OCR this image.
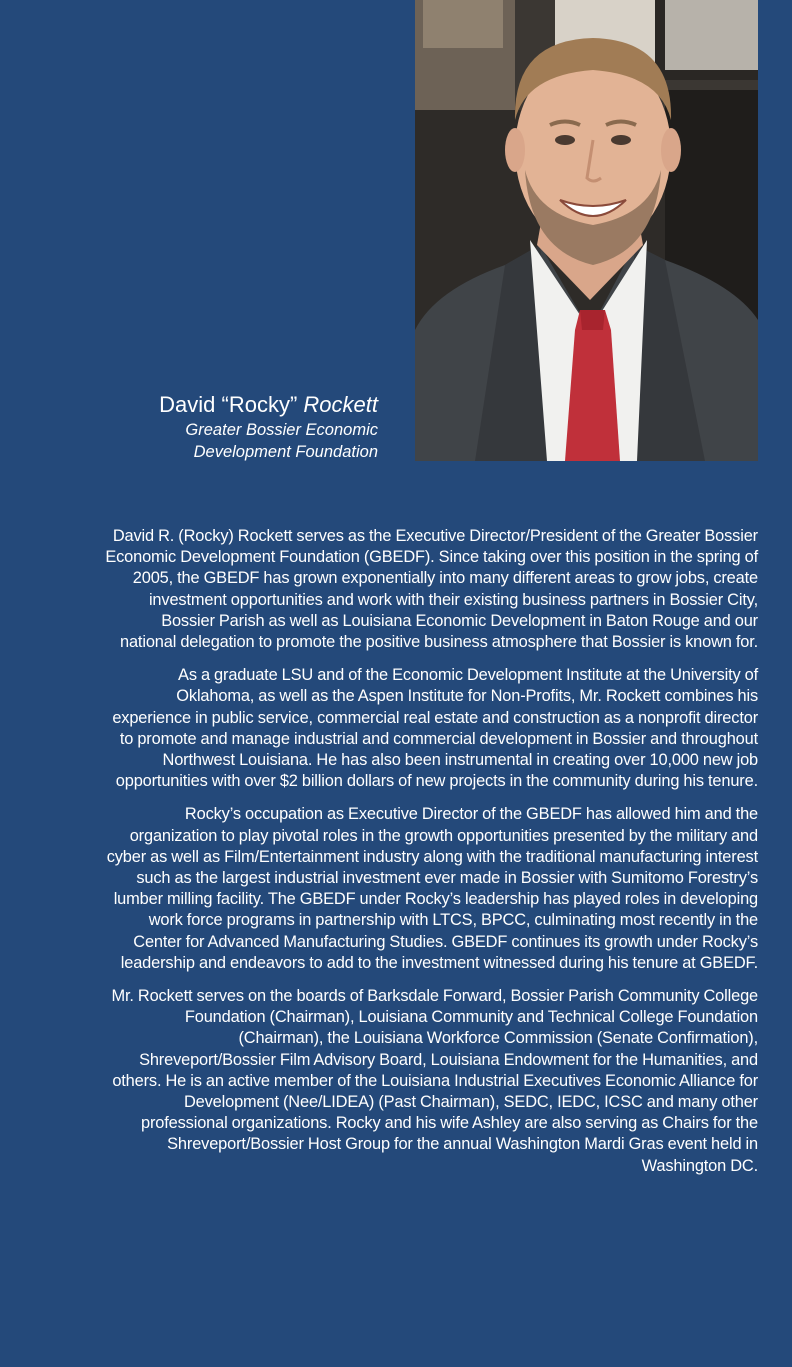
David “Rocky” Rockett
Greater Bossier Economic
Development Foundation

David R. (Rocky) Rockett serves as the Executive Director/President of the Greater Bossier Economic Development Foundation (GBEDF). Since taking over this position in the spring of 2005, the GBEDF has grown exponentially into many different areas to grow jobs, create investment opportunities and work with their existing business partners in Bossier City, Bossier Parish as well as Louisiana Economic Development in Baton Rouge and our national delegation to promote the positive business atmosphere that Bossier is known for.

As a graduate LSU and of the Economic Development Institute at the University of Oklahoma, as well as the Aspen Institute for Non-Profits, Mr. Rockett combines his experience in public service, commercial real estate and construction as a nonprofit director to promote and manage industrial and commercial development in Bossier and throughout Northwest Louisiana. He has also been instrumental in creating over 10,000 new job opportunities with over $2 billion dollars of new projects in the community during his tenure.

Rocky’s occupation as Executive Director of the GBEDF has allowed him and the organization to play pivotal roles in the growth opportunities presented by the military and cyber as well as Film/Entertainment industry along with the traditional manufacturing interest such as the largest industrial investment ever made in Bossier with Sumitomo Forestry’s lumber milling facility. The GBEDF under Rocky’s leadership has played roles in developing work force programs in partnership with LTCS, BPCC, culminating most recently in the Center for Advanced Manufacturing Studies. GBEDF continues its growth under Rocky’s leadership and endeavors to add to the investment witnessed during his tenure at GBEDF.

Mr. Rockett serves on the boards of Barksdale Forward, Bossier Parish Community College Foundation (Chairman), Louisiana Community and Technical College Foundation (Chairman), the Louisiana Workforce Commission (Senate Confirmation), Shreveport/Bossier Film Advisory Board, Louisiana Endowment for the Humanities, and others. He is an active member of the Louisiana Industrial Executives Economic Alliance for Development (Nee/LIDEA) (Past Chairman), SEDC, IEDC, ICSC and many other professional organizations. Rocky and his wife Ashley are also serving as Chairs for the Shreveport/Bossier Host Group for the annual Washington Mardi Gras event held in Washington DC.
